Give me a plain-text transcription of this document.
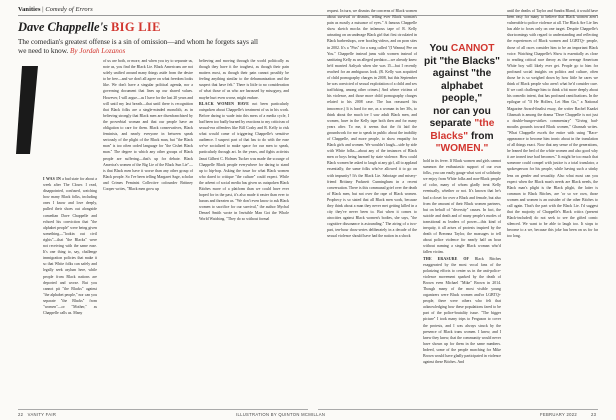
Vanities | Comedy of Errors
Dave Chappelle's BIG LIE
The comedian's greatest offense is a sin of omission—and whom he forgets says all we need to know. By Jordah Lozanos

I WAS IN a bad state for about a week after The Closer. I read, disappointed, confused, watching how many Black folks, including ones I know and love deeply, pulled their shoes out alongside comedian Dave Chappelle and echoed his conviction that "the alphabet people" were being given something—"lookin out civil rights"—that "the Blacks" were not receiving with the same ease. It's one thing to, say, challenge immigration policies that make it so that White folks can safely and legally seek asylum here, while people from Black nations are deported and worse. But you cannot pit "the Blacks" against "the alphabet people," nor can you separate "the Blacks" from "women"—or "Mother," as Chappelle calls us. Many

of us are both, or more, and when you try to separate us, note us, you find the Black Lie. Black Americans are not solely unified around many things aside from the desire to be free—and we don't all agree on what freedom looks like. We don't have a singular political agenda, nor a governing document that lines up our shared values. However, I will argue—as I have for the last 20 years and will until my last breath—that until there is recognition that Black folks are a single-minded monolith, as in believing strongly that Black men are disenfranchised by the proverbial woman and that our people have an obligation to care for them. Black conservatives, Black feminists, and nearly everyone in between speak seriously of the plight of the Black man, but "the Black man" is too often coded language for "the Cishet Black man." The degree to which any other groups of Black people are suffering—that's up for debate. Black America's women of the Big Lie of the Black Sun Lie"—is that Black men have it worse than any other group of Black people. So I've been telling Margaret Sage, scholar and Crimes Feminist Collective cofounder Brittney Cooper writes, "Black men grow up

believing and moving through the world politically as though they have it the toughest, as though their pain matters most, as though their pain cannot possibly be feeling anything similar to the dehumanization and the suspect that have felt." There is little to no consideration of what those of us who are harassed by misogyny, and maybe hurt even worse, might endure.

BLACK WOMEN HAVE not been particularly outspoken about Chappelle's treatment of us in his work. Before daring to wade into this mess of a media cycle, I had been too badly burned by reactions to my criticism of sexual-era offenders like Bill Cosby and R. Kelly to risk what would come of triggering Chappelle's sensitive audience. I suspect part of that has to do with the ease we've socialized to make space for our men to speak, particularly through art. In the years, and fights activists Janai Gilbert C. Holmes Tucker was made the scourge of Chappelle Black people everywhere for daring to stand up to hip-hop. Asking the issue for what Black women who dared to critique "the culture" could expect. While the advent of social media has given us outspoken Black Bitches more of a platform than we could have ever hoped for in the past, it's also made it easier than ever to harass and threaten us. "We don't even know to ask Black women to sacrifice for our survival," the author Mychal Denzel Smith wrote in Invisible Man Got the Whole World Watching. "They do so without formal

request. In turn, we dismiss the concerns of Black women about survival or dismiss, telling ever Black woman's pain as mostly a nuisance of eyes." A famous Chappelle show sketch mocks the infamous tape of R. Kelly urinating on an underage Black girl that first circulated in Black barbershops, over bootleg videos, and on porn sites in 2002. It's a "Piss" for a song called "(I Wanna) Pee on You." Chappelle instead jams with women instead of sanitizing Kelly as an alleged predator—we already knew he'd married Aaliyah when she was 15—but I recently reached for an ambiguous look. (R. Kelly was acquitted of child pornography charges in 2008, but this September he was convicted of sexual exploitation of a child and sex trafficking, among other crimes.) And where victims of his violence, and those more child pornography charges related to his 2008 case. The has reassured his innocence.) It is hard for me, as a woman in her 30s, to think about the much ire I saw adult Black men, and women, have in the Kelly tape both then and for many years after. To me, it seems that the fit laid the groundwork for me to speak in public about the inability of Chappelle, and more people, to show empathy for Black girls and women. We wouldn't laugh—side by side with White folks—about any of the instances of Black men or boys being harmed by state violence. How could Black women be asked to laugh at any girl, all to applaud essentially, the same folks who've allowed it to go on with impunity? It's the Black Lie. Sabotage and misery-friend Brittany Packnett Cunningham in a recent conversation. There is this communal grief over the death of Black men, but not over the rape of Black women. Prophecy is so stated that all Black men work, because they think about a man they never met getting killed in a city they've never been to. But when it comes to atrocities against Black women's bodies, she says, "the cognitive dissonance is astounding." The airing of a two-part, ten-hour docu-series deliberately in a decade of the sexual violence should have had the nation in a shock

You CANNOT
pit "the Blacks"
against "the
alphabet people,"
nor can you
separate "the
Blacks" from
"WOMEN."

hold in its fever. If Black women and girls cannot summon the enthusiastic support of our own folks, you can easily gauge what sort of solidarity we enjoy from White folks and non-Black people of color, many of whom gladly treat Kelly eventually, whether or not. It's known that he's had a closet for over a Black and female, but also from the amount of their Black women partners, but on behalf of "diversity" causes. In fact, the suicide and death and of many people's modes of transitional as leaders of power—this kind of inequity, it all arises of protests inspired by the death of Breonna Taylor, the massages to tell about police violence for nearly half an hour without naming a single Black woman who'd fallen victim.

THE ERASURE OF Black Bitches exaggerated by the most vocal fans of the polarizing efforts to center us in the anti-police-violence movement sparked by the death of Brown even Michael "Mike" Brown in 2014. Though many of the most visible young organizers were Black women and/or LGBTQ+ people, there were others who felt that acknowledging how these populations fared to be part of the police-brutality issue. "The bigger picture" I took many trips to Ferguson to cover the protests, and I was always struck by the presence of Black trans women. I knew, and I knew they knew, that the community would never have shown up for them in the same numbers. Indeed, some of the people marching for Mike Brown would have gladly participated in violence against these Bitches. And

until the deaths of Taylor and Sandra Bland, it would have been easy for many to believe that Black women aren't vulnerable to police violence at all. The Black Are Lie lies has able to foxes only on one target. Despite Chappelle's shortcomings with regard to understanding and reflecting the experiences of Black women and LGBTQ+ people, those of all races consider him to be an important Black voice. Watching Chappelle's Show is essentially as close to reading critical race theory as the average American White boy will likely ever get. People go to him for profound social insights on politics and culture, often those he is so weighed down by how little he cares we think of Black people who aren't what he'd consider cure. If we can't challenge him to think a bit more deeply about his comedic intent, that has profound ramifications. In the epilogue of "If He Hollers, Let Him Go," a National Magazine Award-finalist essay, the writer Rachel Kaadzi Ghansah is among the drama "Dave Chappelle is not just a double-hunger-strikes commentary" "Giving bad-mouths grounds toward Black women," Ghansah writes. "What Chappelle excels the entire with using "Race-appearance to become him ironic about in the translation of all things exact. Now that any sense of the generations, he leaned the bed of the white women and also good why it are ironed true bad becomes." It might be too much that someone could compel with justice is a total translator, a spokesperson for his people, while having such a stinky lens on gender and sexuality. Also what most can you expect when the Black man's needs are Black needs, the Black man's plight is the Black plight, the latter is common to Black Bitches, are 'or so we own, those women and women is an outsider of the other Bitches to call again. That's the part with the Black Lie. I'd suggest that the majority of Chappelle's Black critics (present Black-included) do not seek to see the gifted comic silenced. We want to be able to laugh too. It stops to become to a we, because this joke has been on us for far too long.

22 VANITY FAIR	ILLUSTRATION BY QUINTON MCMILLAN	FEBRUARY 2022	23
